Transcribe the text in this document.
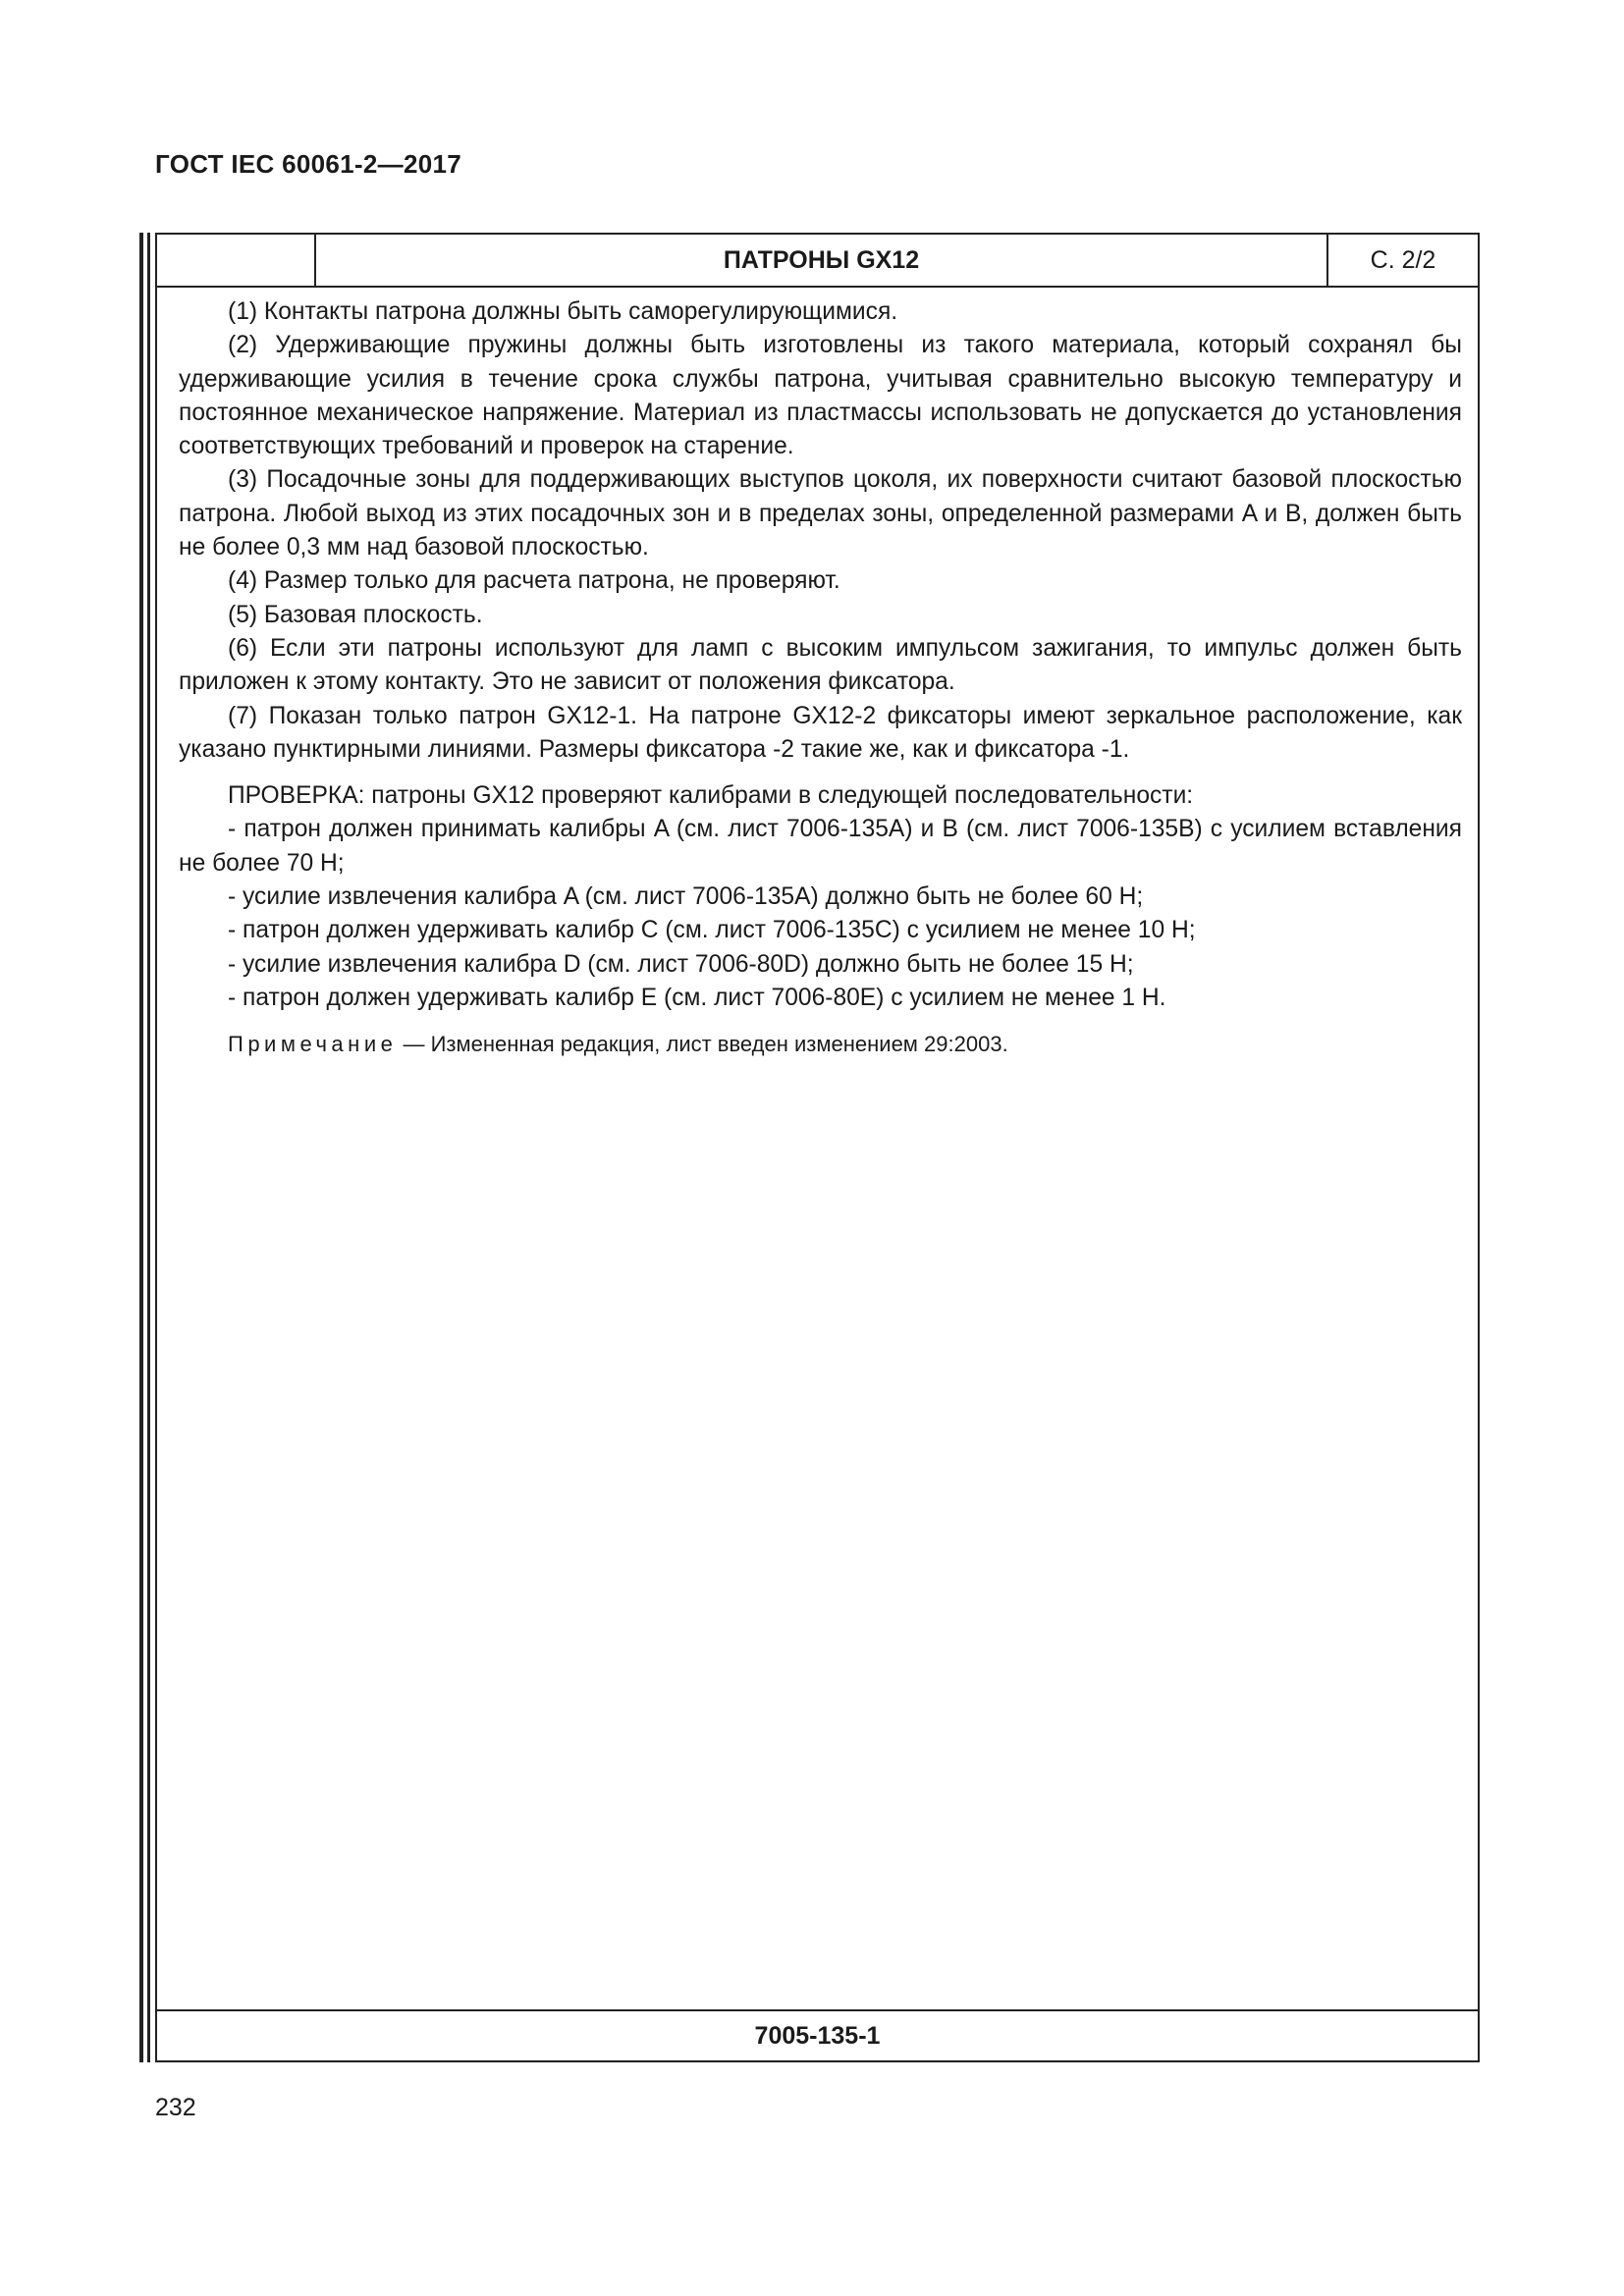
ГОСТ IEC 60061-2—2017
ПАТРОНЫ GX12	С. 2/2

(1) Контакты патрона должны быть саморегулирующимися.

(2) Удерживающие пружины должны быть изготовлены из такого материала, который сохранял бы удерживающие усилия в течение срока службы патрона, учитывая сравнительно высокую температуру и постоянное механическое напряжение. Материал из пластмассы использовать не допускается до установления соответствующих требований и проверок на старение.

(3) Посадочные зоны для поддерживающих выступов цоколя, их поверхности считают базовой плоскостью патрона. Любой выход из этих посадочных зон и в пределах зоны, определенной размерами A и B, должен быть не более 0,3 мм над базовой плоскостью.

(4) Размер только для расчета патрона, не проверяют.

(5) Базовая плоскость.

(6) Если эти патроны используют для ламп с высоким импульсом зажигания, то импульс должен быть приложен к этому контакту. Это не зависит от положения фиксатора.

(7) Показан только патрон GX12-1. На патроне GX12-2 фиксаторы имеют зеркальное расположение, как указано пунктирными линиями. Размеры фиксатора -2 такие же, как и фиксатора -1.

ПРОВЕРКА: патроны GX12 проверяют калибрами в следующей последовательности:

- патрон должен принимать калибры A (см. лист 7006-135A) и B (см. лист 7006-135B) с усилием вставления не более 70 Н;

- усилие извлечения калибра A (см. лист 7006-135A) должно быть не более 60 Н;

- патрон должен удерживать калибр C (см. лист 7006-135C) с усилием не менее 10 Н;

- усилие извлечения калибра D (см. лист 7006-80D) должно быть не более 15 Н;

- патрон должен удерживать калибр E (см. лист 7006-80E) с усилием не менее 1 Н.

Примечание — Измененная редакция, лист введен изменением 29:2003.

7005-135-1

232
